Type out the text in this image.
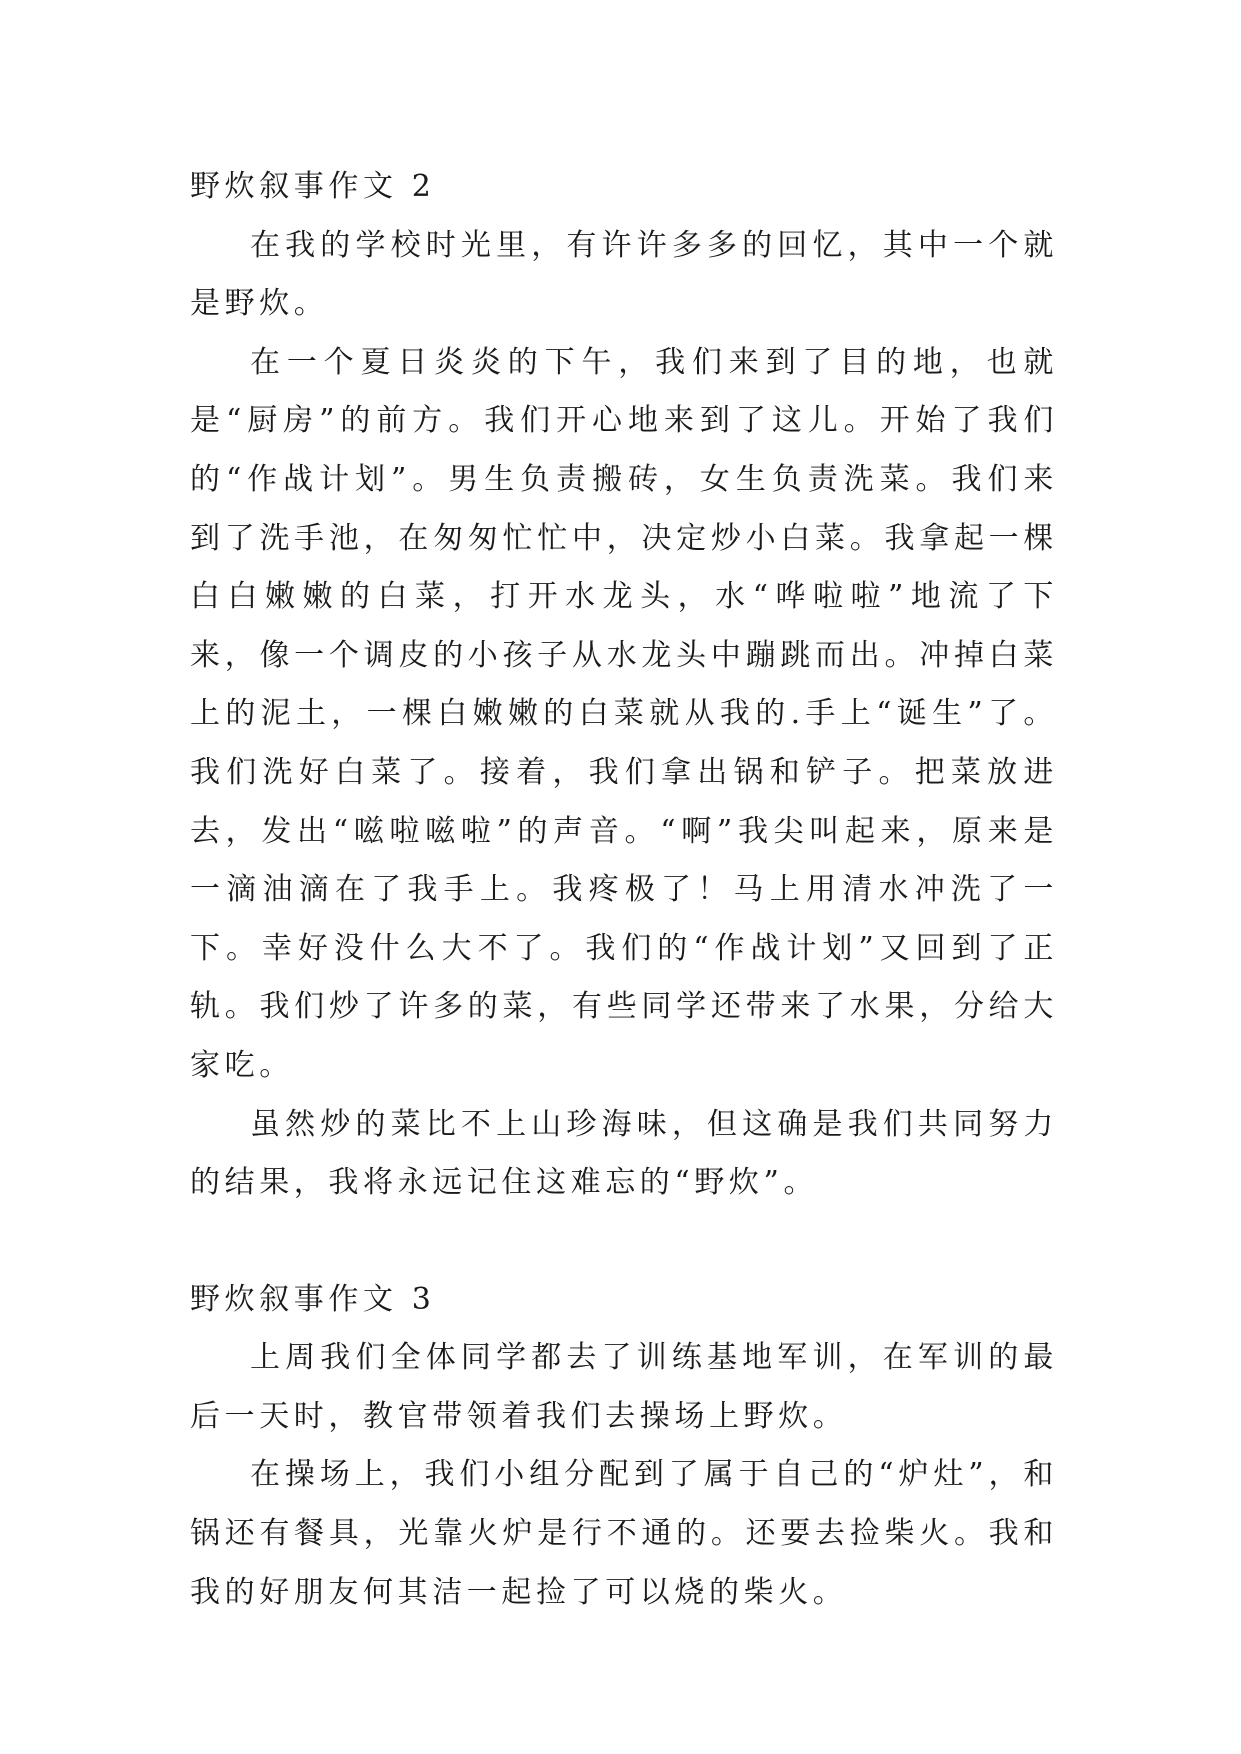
野炊叙事作文 2

在我的学校时光里，有许许多多的回忆，其中一个就是野炊。

在一个夏日炎炎的下午，我们来到了目的地，也就是“厨房”的前方。我们开心地来到了这儿。开始了我们的“作战计划”。男生负责搬砖，女生负责洗菜。我们来到了洗手池，在匆匆忙忙中，决定炒小白菜。我拿起一棵白白嫩嫩的白菜，打开水龙头，水“哗啦啦”地流了下来，像一个调皮的小孩子从水龙头中蹦跳而出。冲掉白菜上的泥土，一棵白嫩嫩的白菜就从我的.手上“诞生”了。我们洗好白菜了。接着，我们拿出锅和铲子。把菜放进去，发出“嗞啦嗞啦”的声音。“啊”我尖叫起来，原来是一滴油滴在了我手上。我疼极了！马上用清水冲洗了一下。幸好没什么大不了。我们的“作战计划”又回到了正轨。我们炒了许多的菜，有些同学还带来了水果，分给大家吃。

虽然炒的菜比不上山珍海味，但这确是我们共同努力的结果，我将永远记住这难忘的“野炊”。

野炊叙事作文 3

上周我们全体同学都去了训练基地军训，在军训的最后一天时，教官带领着我们去操场上野炊。

在操场上，我们小组分配到了属于自己的“炉灶”，和锅还有餐具，光靠火炉是行不通的。还要去捡柴火。我和我的好朋友何其洁一起捡了可以烧的柴火。
